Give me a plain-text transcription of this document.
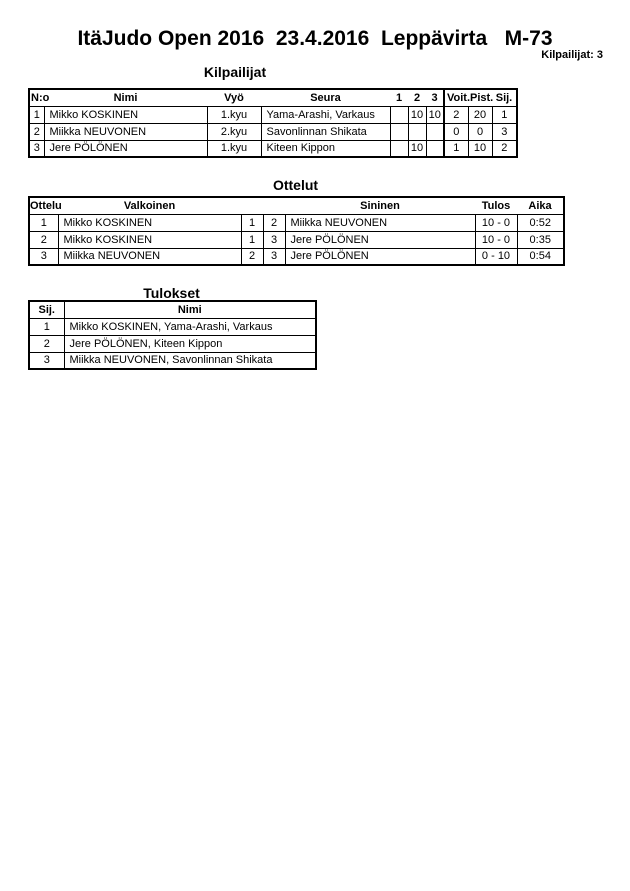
ItäJudo Open 2016  23.4.2016  Leppävirta   M-73
Kilpailijat: 3
Kilpailijat
N:o	Nimi	Vyö	Seura	1	2	3	Voit.	Pist.	Sij.
1	Mikko KOSKINEN	1.kyu	Yama-Arashi, Varkaus		10	10	2	20	1
2	Miikka NEUVONEN	2.kyu	Savonlinnan Shikata				0	0	3
3	Jere PÖLÖNEN	1.kyu	Kiteen Kippon		10		1	10	2
Ottelut
Ottelu	Valkoinen			Sininen	Tulos	Aika
1	Mikko KOSKINEN	1	2	Miikka NEUVONEN	10 - 0	0:52
2	Mikko KOSKINEN	1	3	Jere PÖLÖNEN	10 - 0	0:35
3	Miikka NEUVONEN	2	3	Jere PÖLÖNEN	0 - 10	0:54
Tulokset
Sij.	Nimi
1	Mikko KOSKINEN, Yama-Arashi, Varkaus
2	Jere PÖLÖNEN, Kiteen Kippon
3	Miikka NEUVONEN, Savonlinnan Shikata
